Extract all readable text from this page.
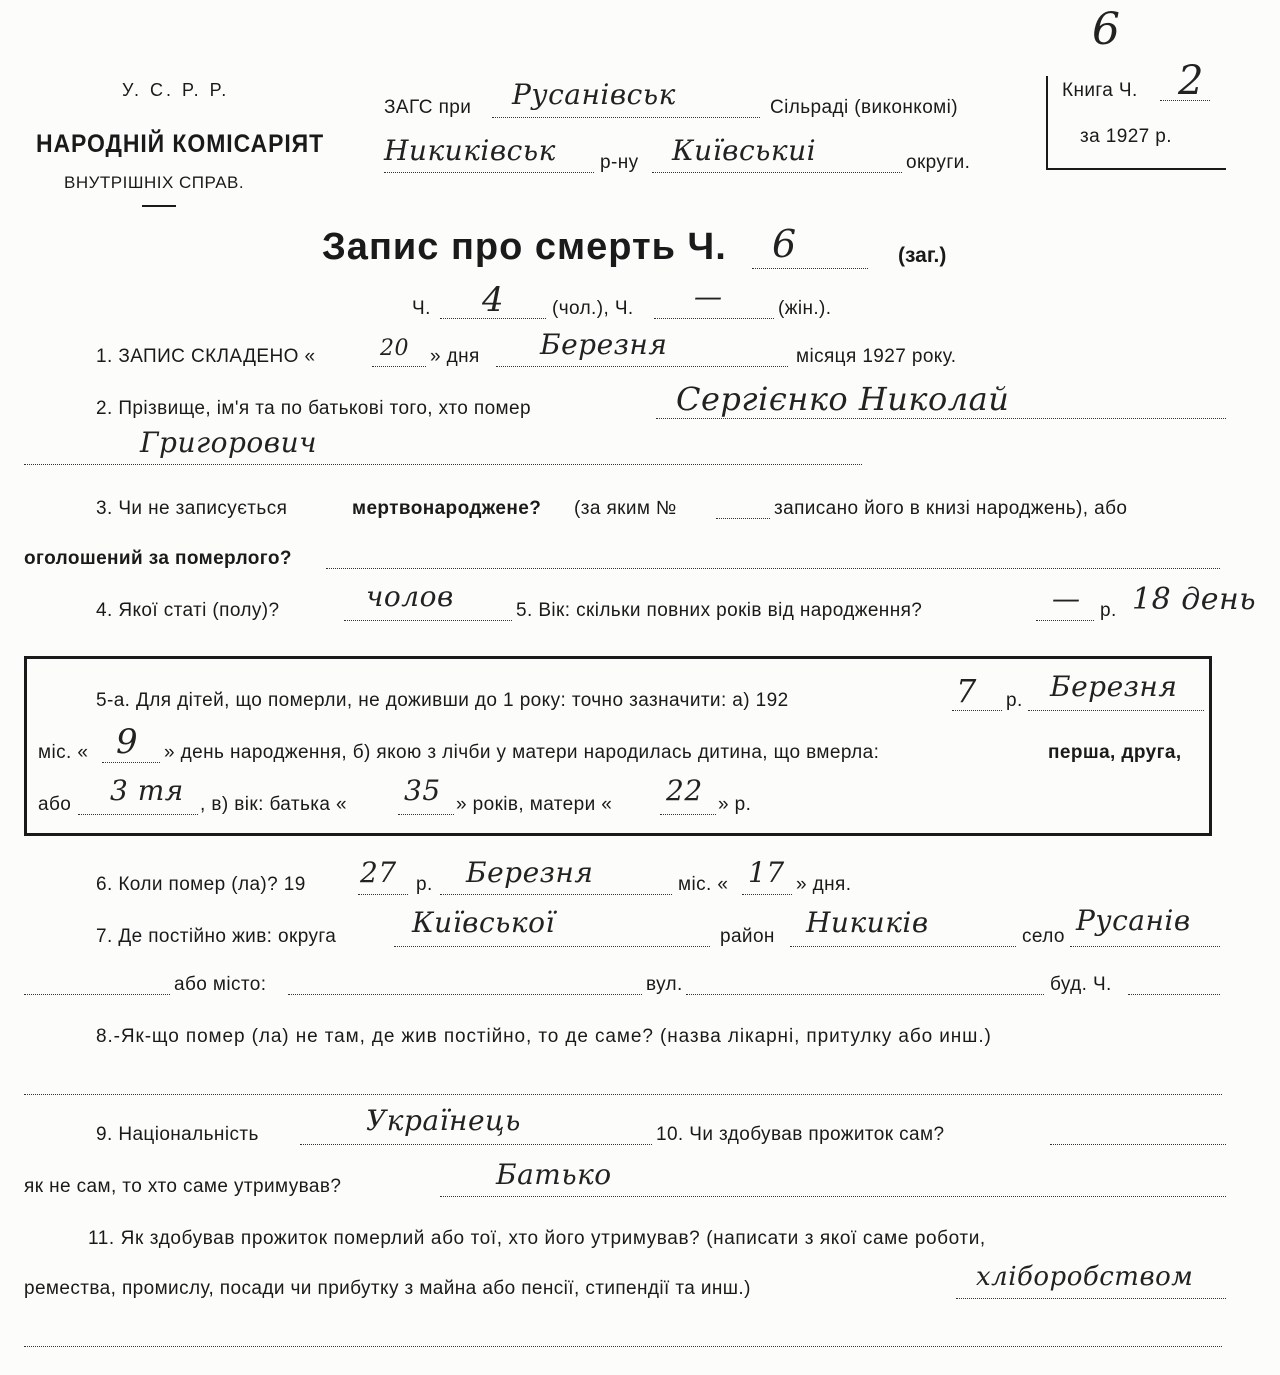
6
У. С. Р. Р.
НАРОДНІЙ КОМІСАРІЯТ
ВНУТРІШНІХ СПРАВ.
ЗАГС при Русанівськ	Сільраді (виконкомі)
Никиківськ р-ну Київськиі	округи.
Книга Ч. 2
за 1927 р.
Запис про смерть Ч. 6	(заг.)
Ч. 4	(чол.), Ч. —	(жін.).
1. ЗАПИС СКЛАДЕНО «	20 » дня Березня	місяця 1927 року.
2. Прізвище, ім'я та по батькові того, хто помер	Сергієнко Николай
Григорович
3. Чи не записується	мертвонароджене? (за яким №	записано його в книзі народжень), або
оголошений за померлого?
4. Якої статі (полу)?	чолов	5. Вік: скільки повних років від народження?	— р. 18 день
5-а. Для дітей, що померли, не доживши до 1 року: точно зазначити: а) 192	7 р. Березня
міс. « 9 » день народження, б) якою з лічби у матери народилась дитина, що вмерла:	перша, друга,
або 3 тя , в) вік: батька « 35 » років, матери « 22 » р.
6. Коли помер (ла)? 19 27 р. Березня	міс. « 17 » дня.
7. Де постійно жив: округа	Київської	район Никиків	село Русанів
або місто:	вул.	буд. Ч.
8.-Як-що помер (ла) не там, де жив постійно, то де саме? (назва лікарні, притулку або инш.)
9. Національність	Українець	10. Чи здобував прожиток сам?
як не сам, то хто саме утримував?	Батько
11. Як здобував прожиток померлий або тої, хто його утримував? (написати з якої саме роботи,
ремества, промислу, посади чи прибутку з майна або пенсії, стипендії та инш.)	хліборобством
